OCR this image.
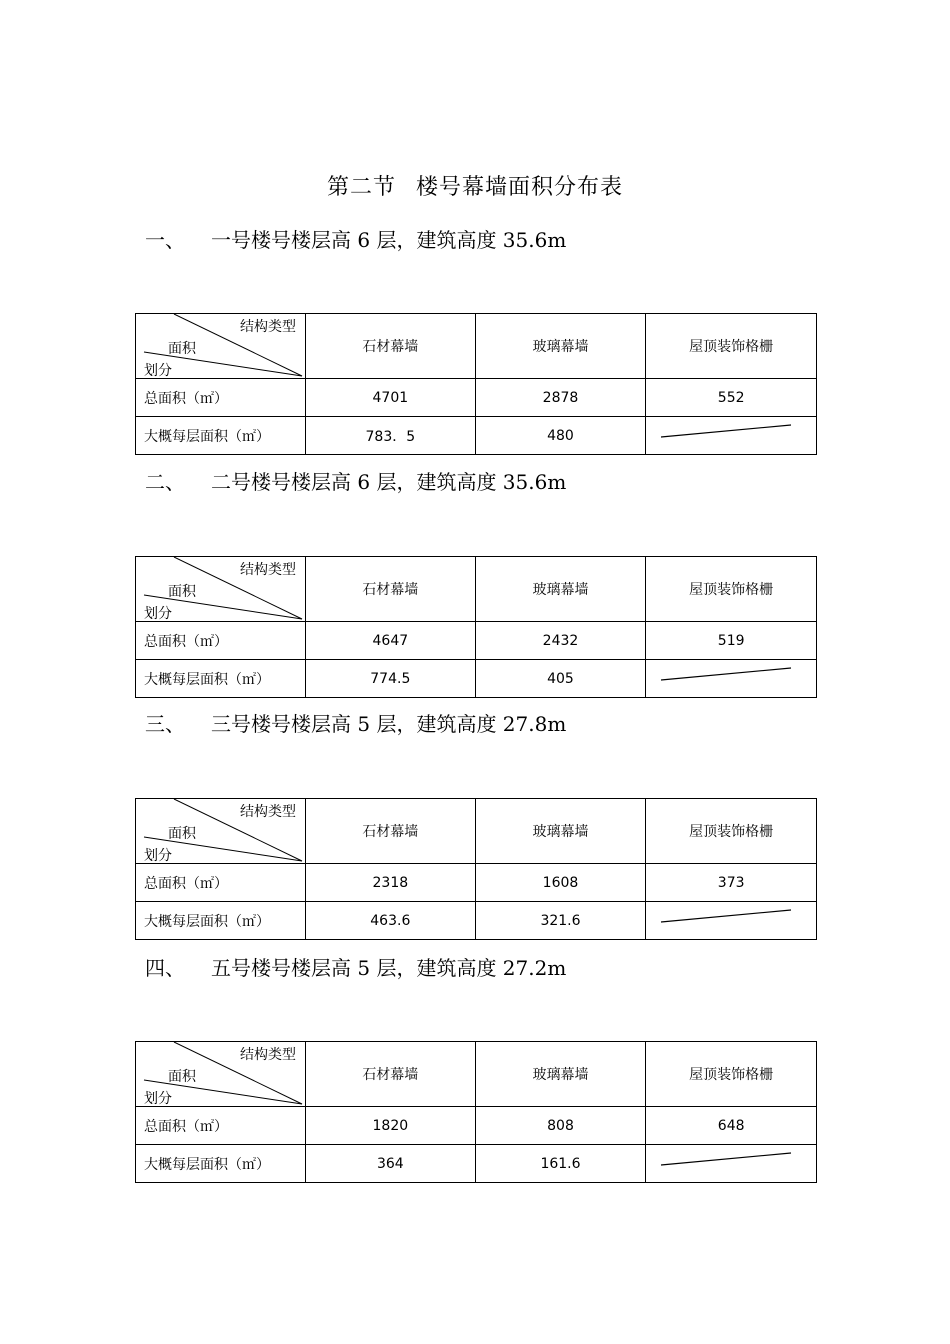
第二节 楼号幕墙面积分布表
一、 一号楼号楼层高 6 层，建筑高度 35.6m
结构类型
面积
划分	石材幕墙	玻璃幕墙	屋顶装饰格栅
总面积（㎡）	4701	2878	552
大概每层面积（㎡）	783．5	480	
二、 二号楼号楼层高 6 层，建筑高度 35.6m
结构类型
面积
划分	石材幕墙	玻璃幕墙	屋顶装饰格栅
总面积（㎡）	4647	2432	519
大概每层面积（㎡）	774.5	405	
三、 三号楼号楼层高 5 层，建筑高度 27.8m
结构类型
面积
划分	石材幕墙	玻璃幕墙	屋顶装饰格栅
总面积（㎡）	2318	1608	373
大概每层面积（㎡）	463.6	321.6	
四、 五号楼号楼层高 5 层，建筑高度 27.2m
结构类型
面积
划分	石材幕墙	玻璃幕墙	屋顶装饰格栅
总面积（㎡）	1820	808	648
大概每层面积（㎡）	364	161.6	
